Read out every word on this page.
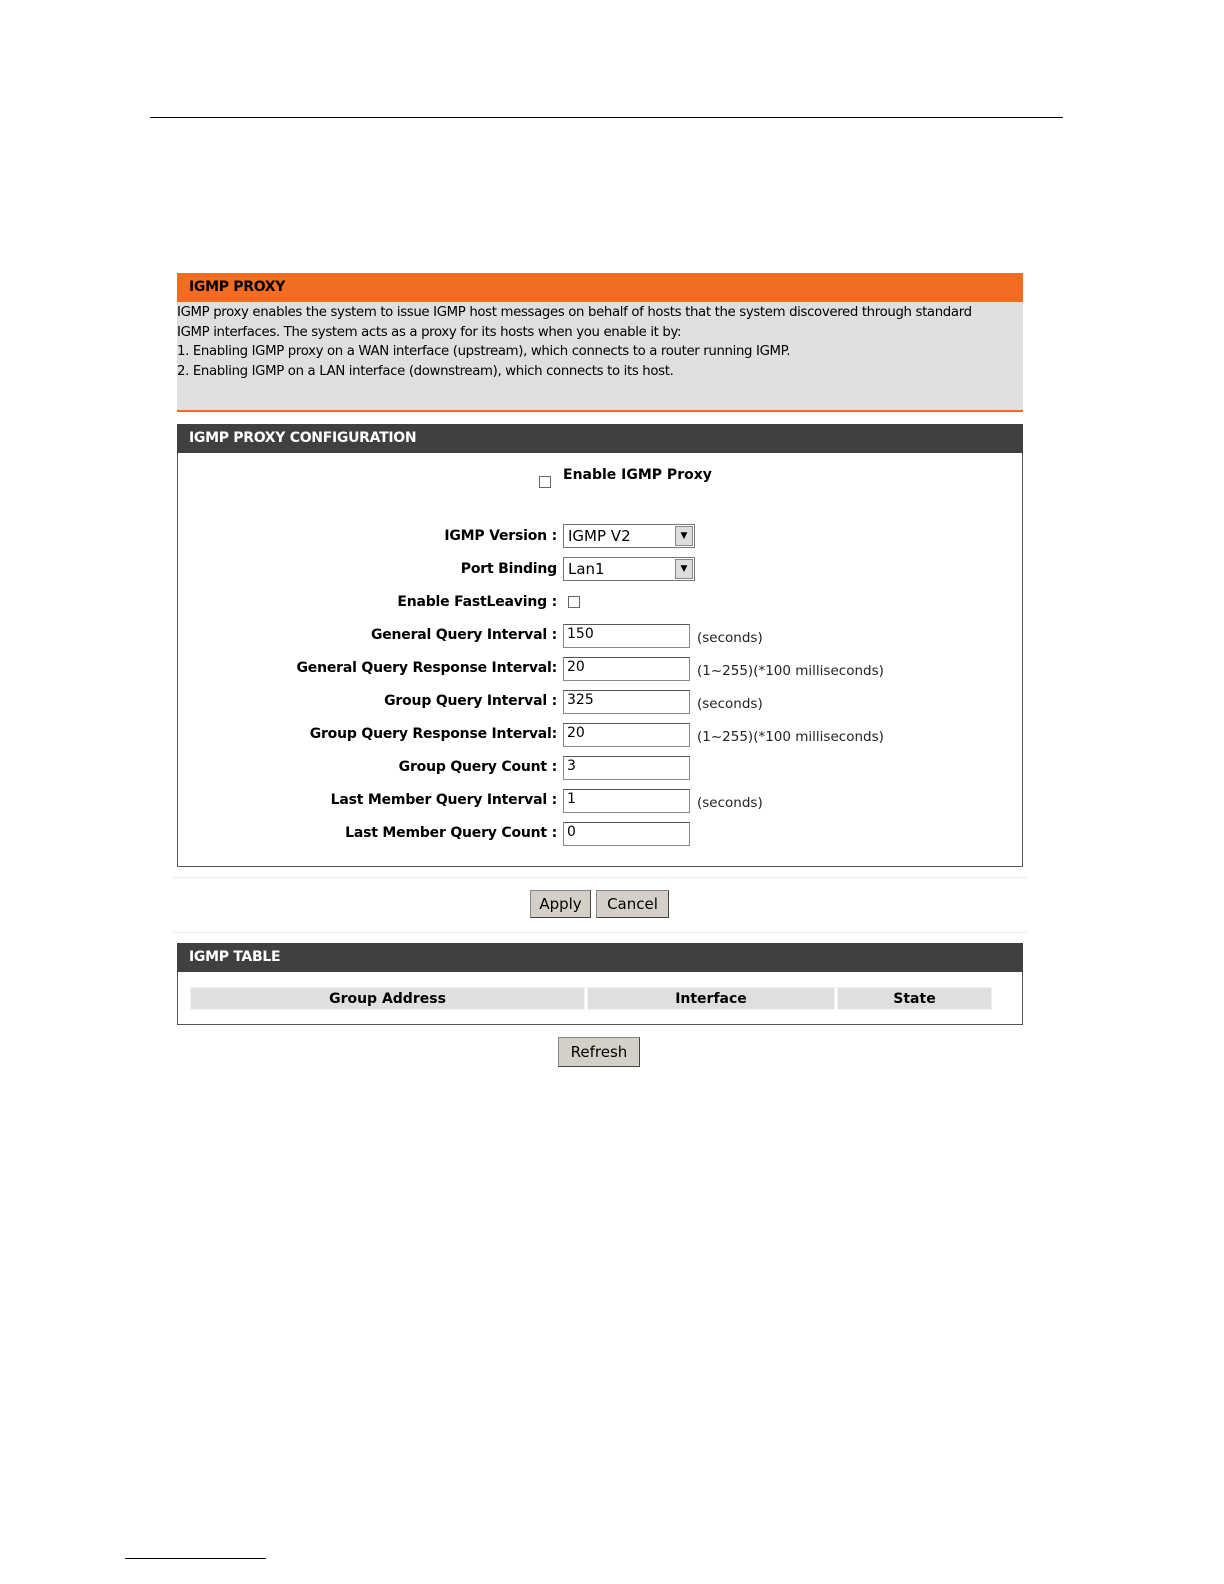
IGMP PROXY
IGMP proxy enables the system to issue IGMP host messages on behalf of hosts that the system discovered through standard
IGMP interfaces. The system acts as a proxy for its hosts when you enable it by:
1. Enabling IGMP proxy on a WAN interface (upstream), which connects to a router running IGMP.
2. Enabling IGMP on a LAN interface (downstream), which connects to its host.
IGMP PROXY CONFIGURATION
Enable IGMP Proxy
IGMP Version : IGMP V2	▼
Port Binding Lan1	▼
Enable FastLeaving :
General Query Interval : 150	(seconds)
General Query Response Interval: 20	(1~255)(*100 milliseconds)
Group Query Interval : 325	(seconds)
Group Query Response Interval: 20	(1~255)(*100 milliseconds)
Group Query Count : 3
Last Member Query Interval : 1	(seconds)
Last Member Query Count : 0
Apply	Cancel
IGMP TABLE
Group Address	Interface	State
Refresh
